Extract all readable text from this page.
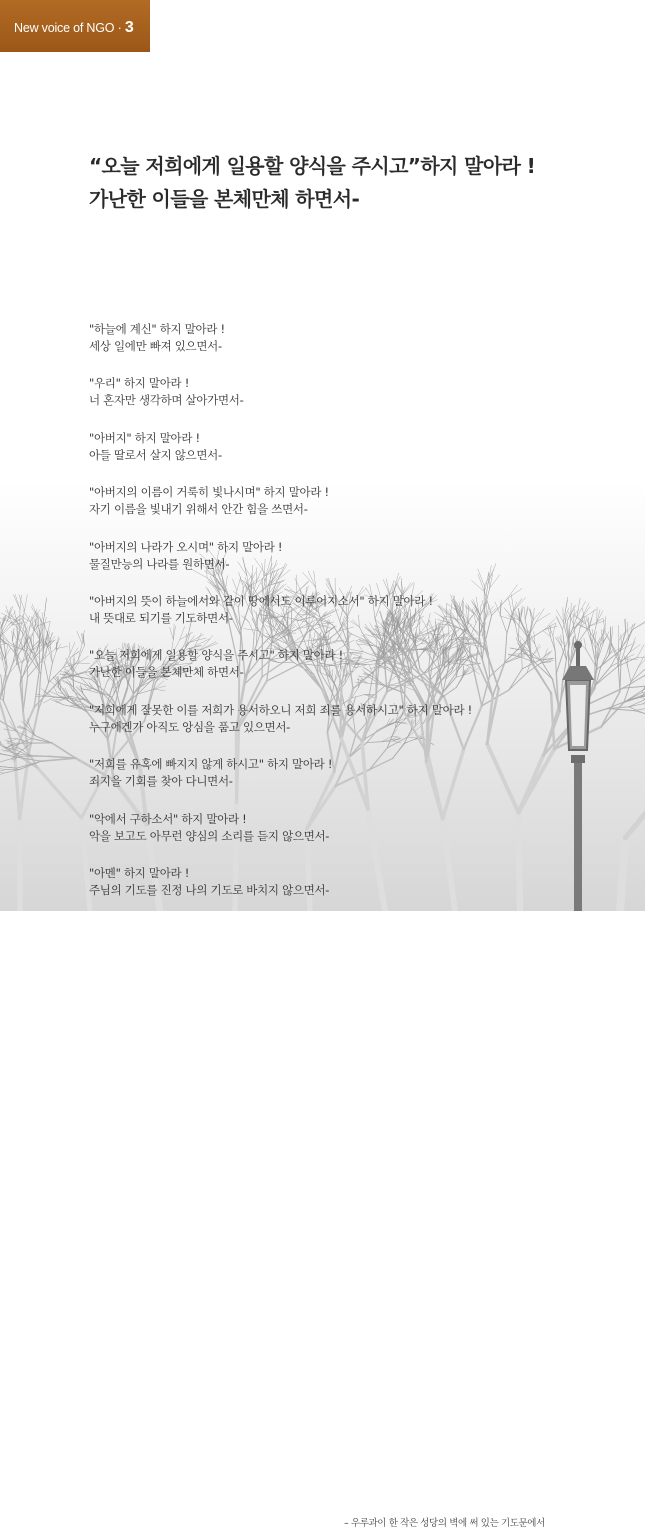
New voice of NGO · 3
“오늘 저희에게 일용할 양식을 주시고”하지 말아라 !
가난한 이들을 본체만체 하면서-
"하늘에 계신" 하지 말아라 !
세상 일에만 빠져 있으면서-
"우리" 하지 말아라 !
너 혼자만 생각하며 살아가면서-
"아버지" 하지 말아라 !
아들 딸로서 살지 않으면서-
"아버지의 이름이 거룩히 빛나시며" 하지 말아라 !
자기 이름을 빛내기 위해서 안간 힘을 쓰면서-
"아버지의 나라가 오시며" 하지 말아라 !
물질만능의 나라를 원하면서-
"아버지의 뜻이 하늘에서와 같이 땅에서도 이루어지소서" 하지 말아라 !
내 뜻대로 되기를 기도하면서-
"오늘 저희에게 일용할 양식을 주시고" 하지 말아라 !
가난한 이들을 본체만체 하면서-
"저희에게 잘못한 이를 저희가 용서하오니 저희 죄를 용서하시고" 하지 말아라 !
누구에겐가 아직도 앙심을 품고 있으면서-
"저희를 유혹에 빠지지 않게 하시고" 하지 말아라 !
죄지을 기회를 찾아 다니면서-
"악에서 구하소서" 하지 말아라 !
악을 보고도 아무런 양심의 소리를 듣지 않으면서-
"아멘" 하지 말아라 !
주님의 기도를 진정 나의 기도로 바치지 않으면서-
– 우루과이 한 작은 성당의 벽에 써 있는 기도문에서
